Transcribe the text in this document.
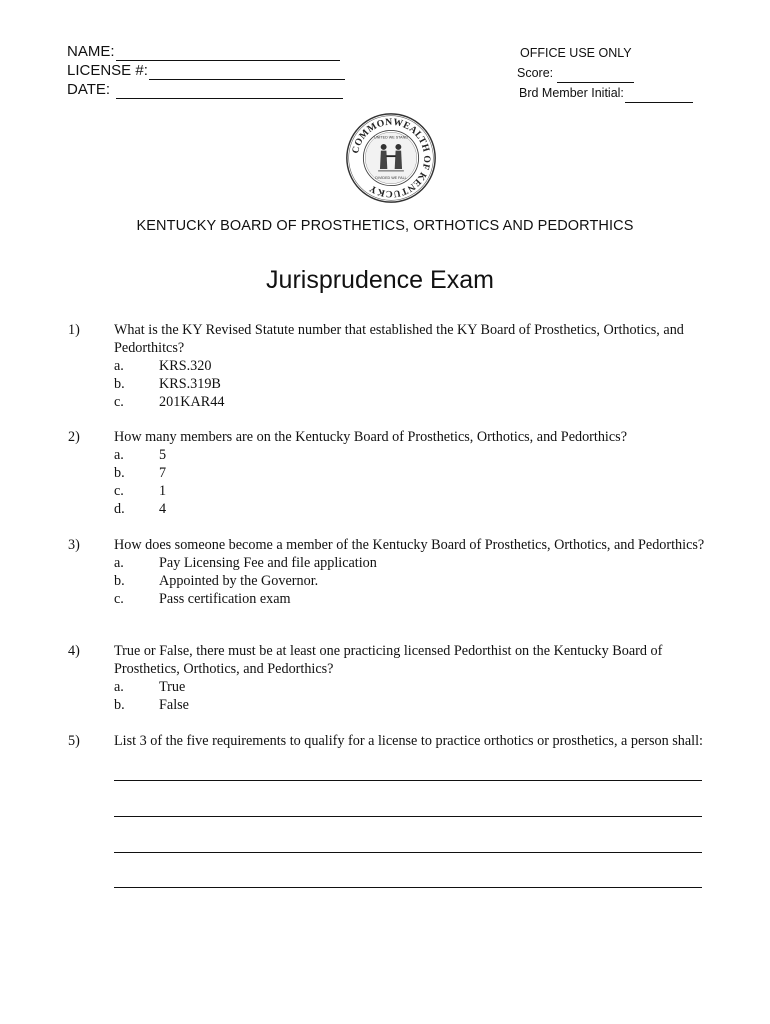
NAME:
LICENSE #:
DATE:
OFFICE USE ONLY
Score:
Brd Member Initial:
COMMONWEALTH OF KENTUCKY
UNITED WE STAND
DIVIDED WE FALL
KENTUCKY BOARD OF PROSTHETICS, ORTHOTICS AND PEDORTHICS
Jurisprudence Exam
1) What is the KY Revised Statute number that established the KY Board of Prosthetics, Orthotics, and Pedorthitcs?
a.	KRS.320
b.	KRS.319B
c.	201KAR44
2) How many members are on the Kentucky Board of Prosthetics, Orthotics, and Pedorthics?
a.	5
b.	7
c.	1
d.	4
3) How does someone become a member of the Kentucky Board of Prosthetics, Orthotics, and Pedorthics?
a.	Pay Licensing Fee and file application
b.	Appointed by the Governor.
c.	Pass certification exam
4) True or False, there must be at least one practicing licensed Pedorthist on the Kentucky Board of Prosthetics, Orthotics, and Pedorthics?
a.	True
b.	False
5) List 3 of the five requirements to qualify for a license to practice orthotics or prosthetics, a person shall:
